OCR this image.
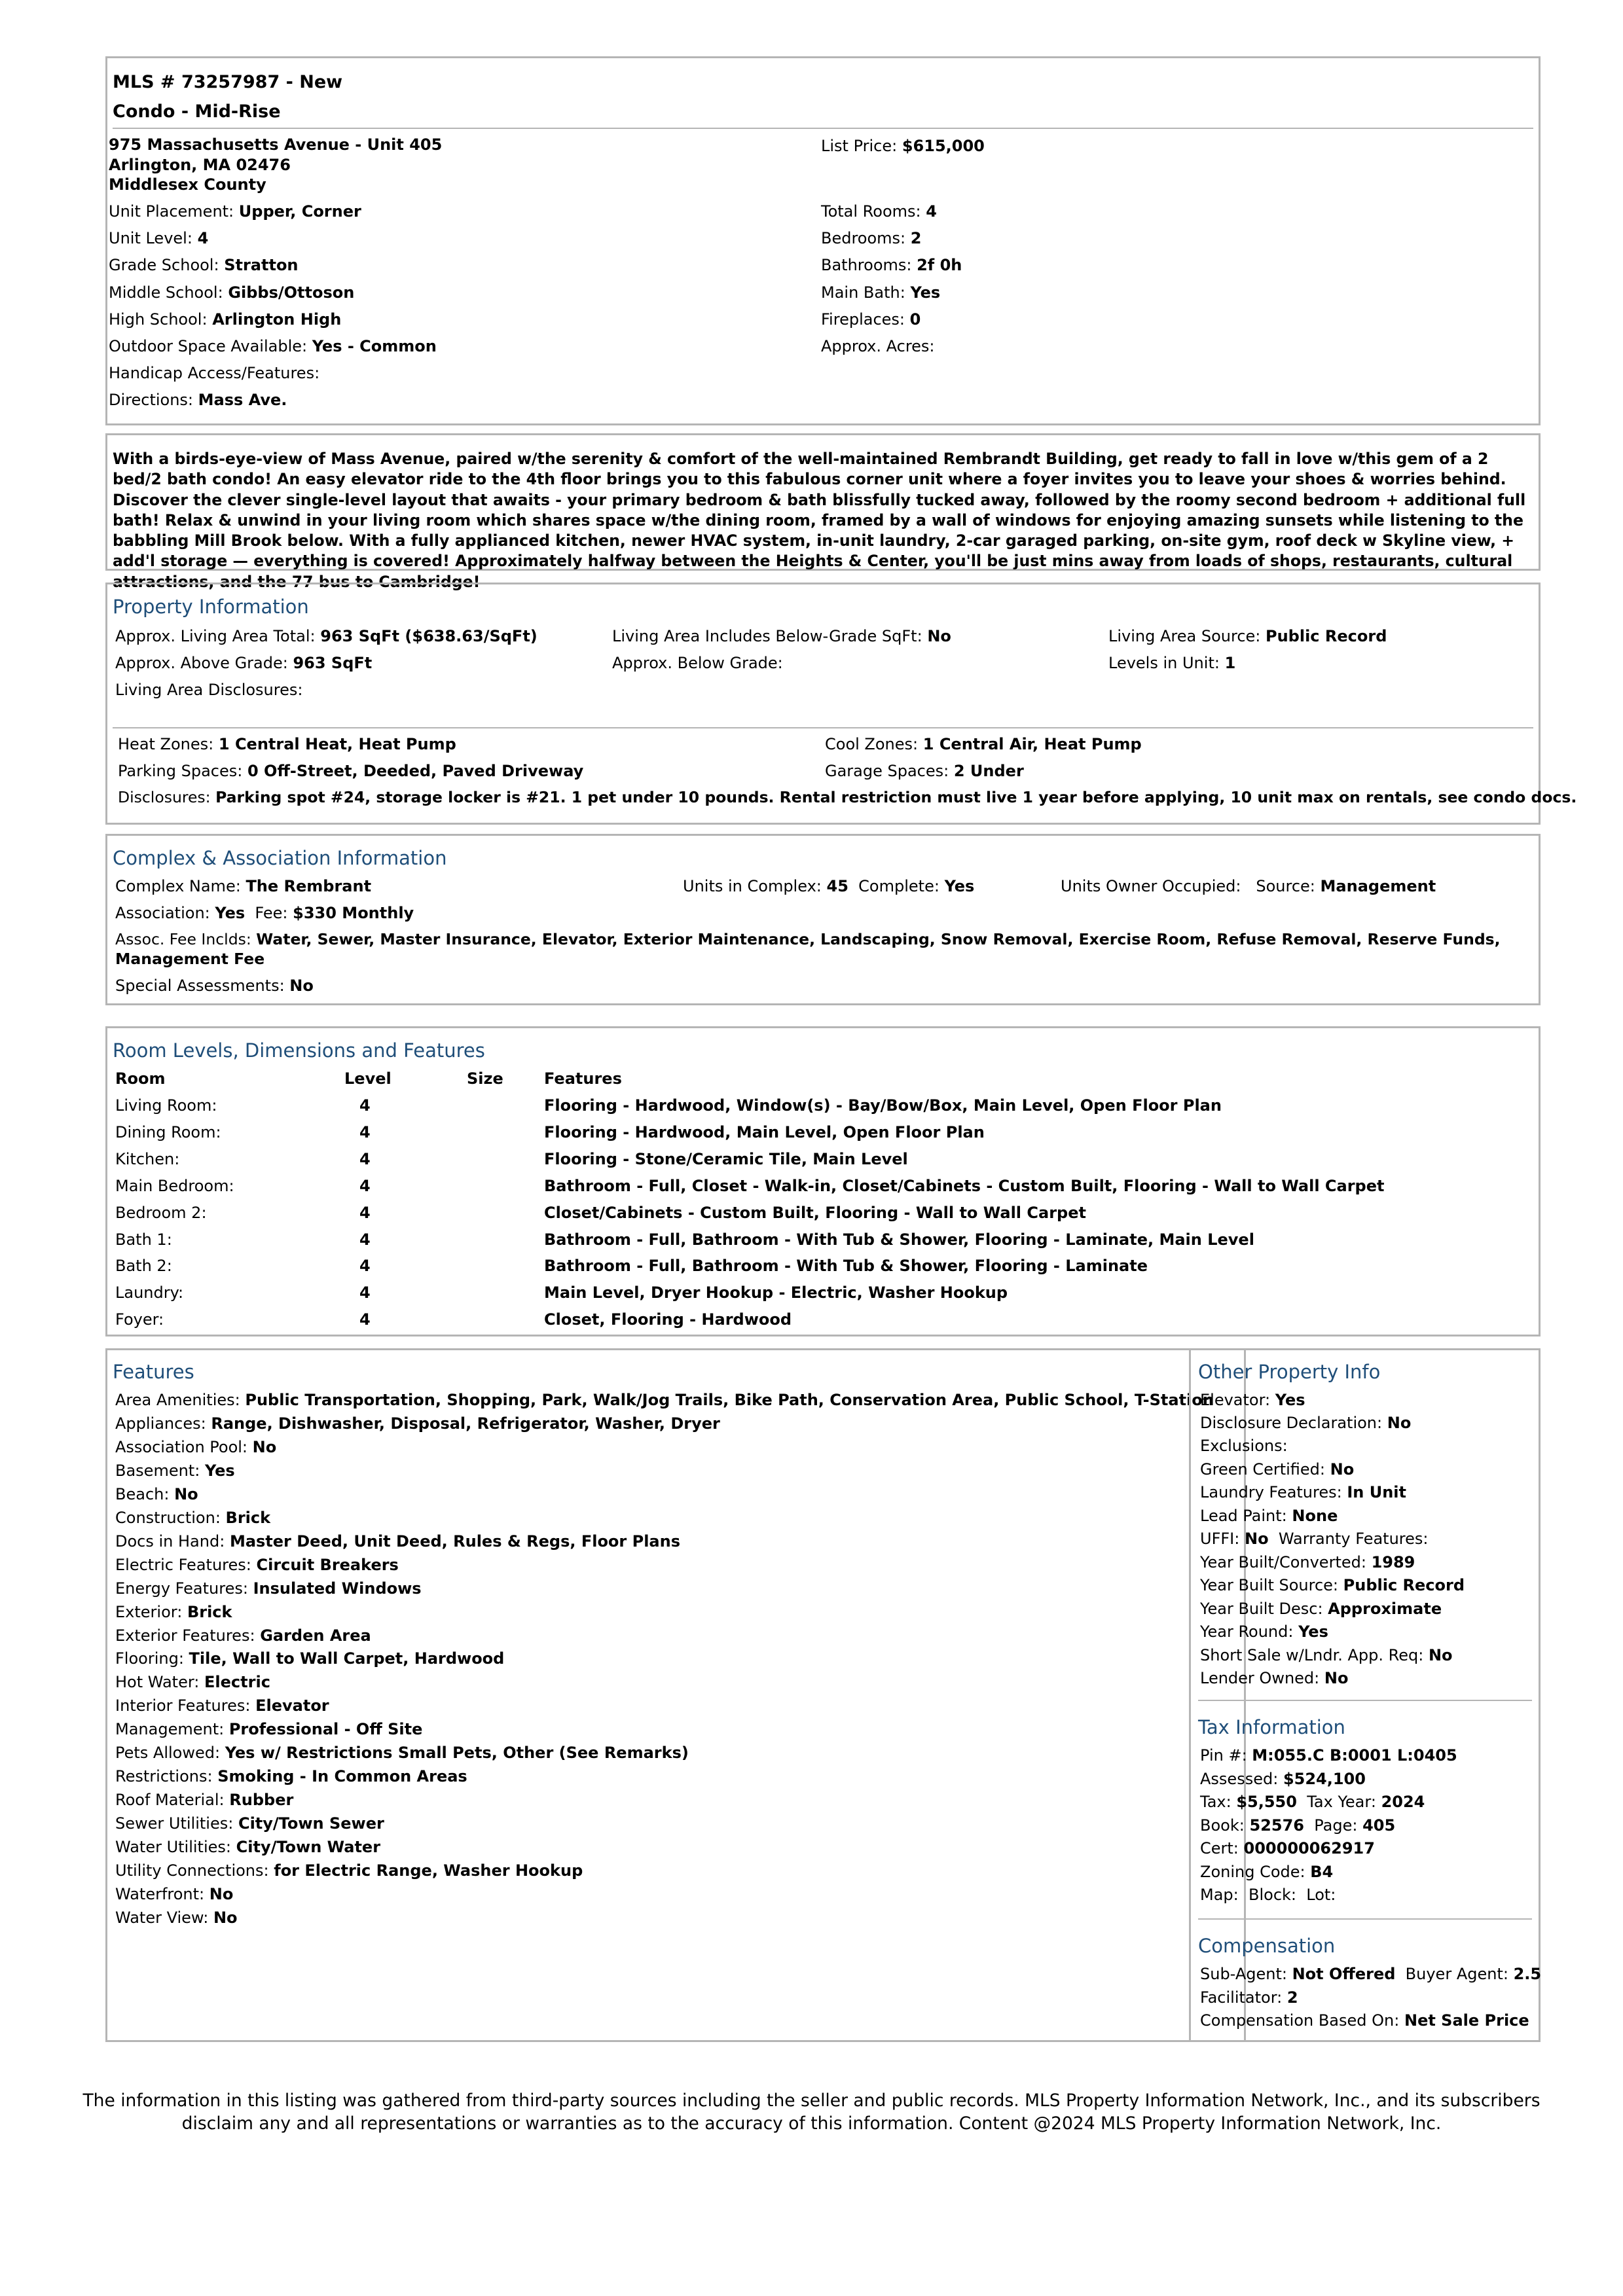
MLS # 73257987 - New
Condo - Mid-Rise
975 Massachusetts Avenue - Unit 405
Arlington, MA 02476
Middlesex County
List Price: $615,000
Unit Placement: Upper, Corner
Unit Level: 4
Grade School: Stratton
Middle School: Gibbs/Ottoson
High School: Arlington High
Outdoor Space Available: Yes - Common
Handicap Access/Features:
Directions: Mass Ave.
Total Rooms: 4
Bedrooms: 2
Bathrooms: 2f 0h
Main Bath: Yes
Fireplaces: 0
Approx. Acres:

With a birds-eye-view of Mass Avenue, paired w/the serenity & comfort of the well-maintained Rembrandt Building, get ready to fall in love w/this gem of a 2 bed/2 bath condo! An easy elevator ride to the 4th floor brings you to this fabulous corner unit where a foyer invites you to leave your shoes & worries behind. Discover the clever single-level layout that awaits - your primary bedroom & bath blissfully tucked away, followed by the roomy second bedroom + additional full bath! Relax & unwind in your living room which shares space w/the dining room, framed by a wall of windows for enjoying amazing sunsets while listening to the babbling Mill Brook below. With a fully applianced kitchen, newer HVAC system, in-unit laundry, 2-car garaged parking, on-site gym, roof deck w Skyline view, + add'l storage — everything is covered! Approximately halfway between the Heights & Center, you'll be just mins away from loads of shops, restaurants, cultural attractions, and the 77 bus to Cambridge!

Property Information
Approx. Living Area Total: 963 SqFt ($638.63/SqFt)	Living Area Includes Below-Grade SqFt: No	Living Area Source: Public Record
Approx. Above Grade: 963 SqFt	Approx. Below Grade:	Levels in Unit: 1
Living Area Disclosures:
Heat Zones: 1 Central Heat, Heat Pump	Cool Zones: 1 Central Air, Heat Pump
Parking Spaces: 0 Off-Street, Deeded, Paved Driveway	Garage Spaces: 2 Under
Disclosures: Parking spot #24, storage locker is #21. 1 pet under 10 pounds. Rental restriction must live 1 year before applying, 10 unit max on rentals, see condo docs.
Complex & Association Information
Complex Name: The Rembrant	Units in Complex: 45 Complete: Yes	Units Owner Occupied: Source: Management
Association: Yes Fee: $330 Monthly
Assoc. Fee Inclds: Water, Sewer, Master Insurance, Elevator, Exterior Maintenance, Landscaping, Snow Removal, Exercise Room, Refuse Removal, Reserve Funds,
Management Fee
Special Assessments: No
Room Levels, Dimensions and Features
Room	Level	Size	Features
Living Room:	4	Flooring - Hardwood, Window(s) - Bay/Bow/Box, Main Level, Open Floor Plan
Dining Room:	4	Flooring - Hardwood, Main Level, Open Floor Plan
Kitchen:	4	Flooring - Stone/Ceramic Tile, Main Level
Main Bedroom:	4	Bathroom - Full, Closet - Walk-in, Closet/Cabinets - Custom Built, Flooring - Wall to Wall Carpet
Bedroom 2:	4	Closet/Cabinets - Custom Built, Flooring - Wall to Wall Carpet
Bath 1:	4	Bathroom - Full, Bathroom - With Tub & Shower, Flooring - Laminate, Main Level
Bath 2:	4	Bathroom - Full, Bathroom - With Tub & Shower, Flooring - Laminate
Laundry:	4	Main Level, Dryer Hookup - Electric, Washer Hookup
Foyer:	4	Closet, Flooring - Hardwood
Features
Area Amenities: Public Transportation, Shopping, Park, Walk/Jog Trails, Bike Path, Conservation Area, Public School, T-Station
Appliances: Range, Dishwasher, Disposal, Refrigerator, Washer, Dryer
Association Pool: No
Basement: Yes
Beach: No
Construction: Brick
Docs in Hand: Master Deed, Unit Deed, Rules & Regs, Floor Plans
Electric Features: Circuit Breakers
Energy Features: Insulated Windows
Exterior: Brick
Exterior Features: Garden Area
Flooring: Tile, Wall to Wall Carpet, Hardwood
Hot Water: Electric
Interior Features: Elevator
Management: Professional - Off Site
Pets Allowed: Yes w/ Restrictions Small Pets, Other (See Remarks)
Restrictions: Smoking - In Common Areas
Roof Material: Rubber
Sewer Utilities: City/Town Sewer
Water Utilities: City/Town Water
Utility Connections: for Electric Range, Washer Hookup
Waterfront: No
Water View: No
Other Property Info
Elevator: Yes
Disclosure Declaration: No
Exclusions:
Green Certified: No
Laundry Features: In Unit
Lead Paint: None
UFFI: No Warranty Features:
Year Built/Converted: 1989
Year Built Source: Public Record
Year Built Desc: Approximate
Year Round: Yes
Short Sale w/Lndr. App. Req: No
Lender Owned: No
Tax Information
Pin #: M:055.C B:0001 L:0405
Assessed: $524,100
Tax: $5,550 Tax Year: 2024
Book: 52576 Page: 405
Cert: 000000062917
Zoning Code: B4
Map: Block: Lot:
Compensation
Sub-Agent: Not Offered Buyer Agent: 2.5
Facilitator: 2
Compensation Based On: Net Sale Price
The information in this listing was gathered from third-party sources including the seller and public records. MLS Property Information Network, Inc., and its subscribers
disclaim any and all representations or warranties as to the accuracy of this information. Content @2024 MLS Property Information Network, Inc.
